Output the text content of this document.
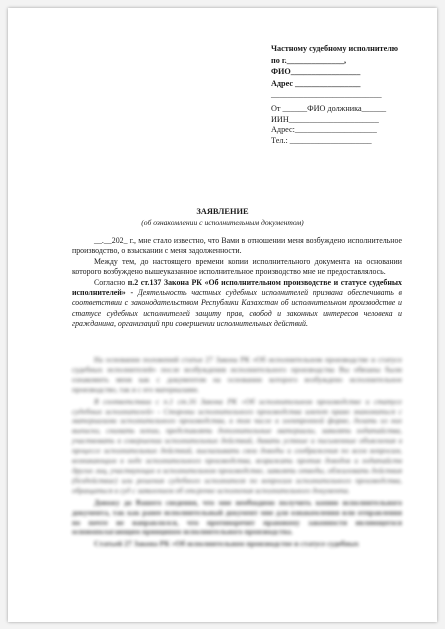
Частному судебному исполнителю
по г.______________,
ФИО_________________
Адрес ________________
___________________________
От ______ФИО должника______
ИИН______________________
Адрес:____________________
Тел.: ____________________
ЗАЯВЛЕНИЕ
(об ознакомлении с исполнительным документом)

__.__202_ г., мне стало известно, что Вами в отношении меня возбуждено исполнительное производство, о взыскании с меня задолженности.

Между тем, до настоящего времени копии исполнительного документа на основании которого возбуждено вышеуказанное исполнительное производство мне не предоставлялось.

Согласно п.2 ст.137 Закона РК «Об исполнительном производстве и статусе судебных исполнителей» - Деятельность частных судебных исполнителей призвана обеспечивать в соответствии с законодательством Республики Казахстан об исполнительном производстве и статусе судебных исполнителей защиту прав, свобод и законных интересов человека и гражданина, организаций при совершении исполнительных действий.

На основании положений статьи 27 Закона РК «Об исполнительном производстве и статусе судебных исполнителей» после возбуждения исполнительного производства Вы обязаны были ознакомить меня как с документом на основании которого возбуждено исполнительное производство, так и с его материалами.

В соответствии с п.1 ст.16 Закона РК «Об исполнительном производстве и статусе судебных исполнителей» - Стороны исполнительного производства имеют право знакомиться с материалами исполнительного производства, в том числе в электронной форме, делать из них выписки, снимать копии, представлять дополнительные материалы, заявлять ходатайства, участвовать в совершении исполнительных действий, давать устные и письменные объяснения в процессе исполнительных действий, высказывать свои доводы и соображения по всем вопросам, возникающим в ходе исполнительного производства, возражать против доводов и ходатайств других лиц, участвующих в исполнительном производстве, заявлять отводы, обжаловать действия (бездействие) или решения судебного исполнителя по вопросам исполнительного производства, обращаться в суд с заявлением об отсрочке исполнения исполнительного документа.

Довожу до Вашего сведения, что мне необходимо получить копию исполнительного документа, так как ранее исполнительный документ мне для ознакомления или отправления по почте не направлялся, что противоречит правовому законности являющегося основополагающим принципом исполнительного производства.

Статьей 27 Закона РК «Об исполнительном производстве и статусе судебных
